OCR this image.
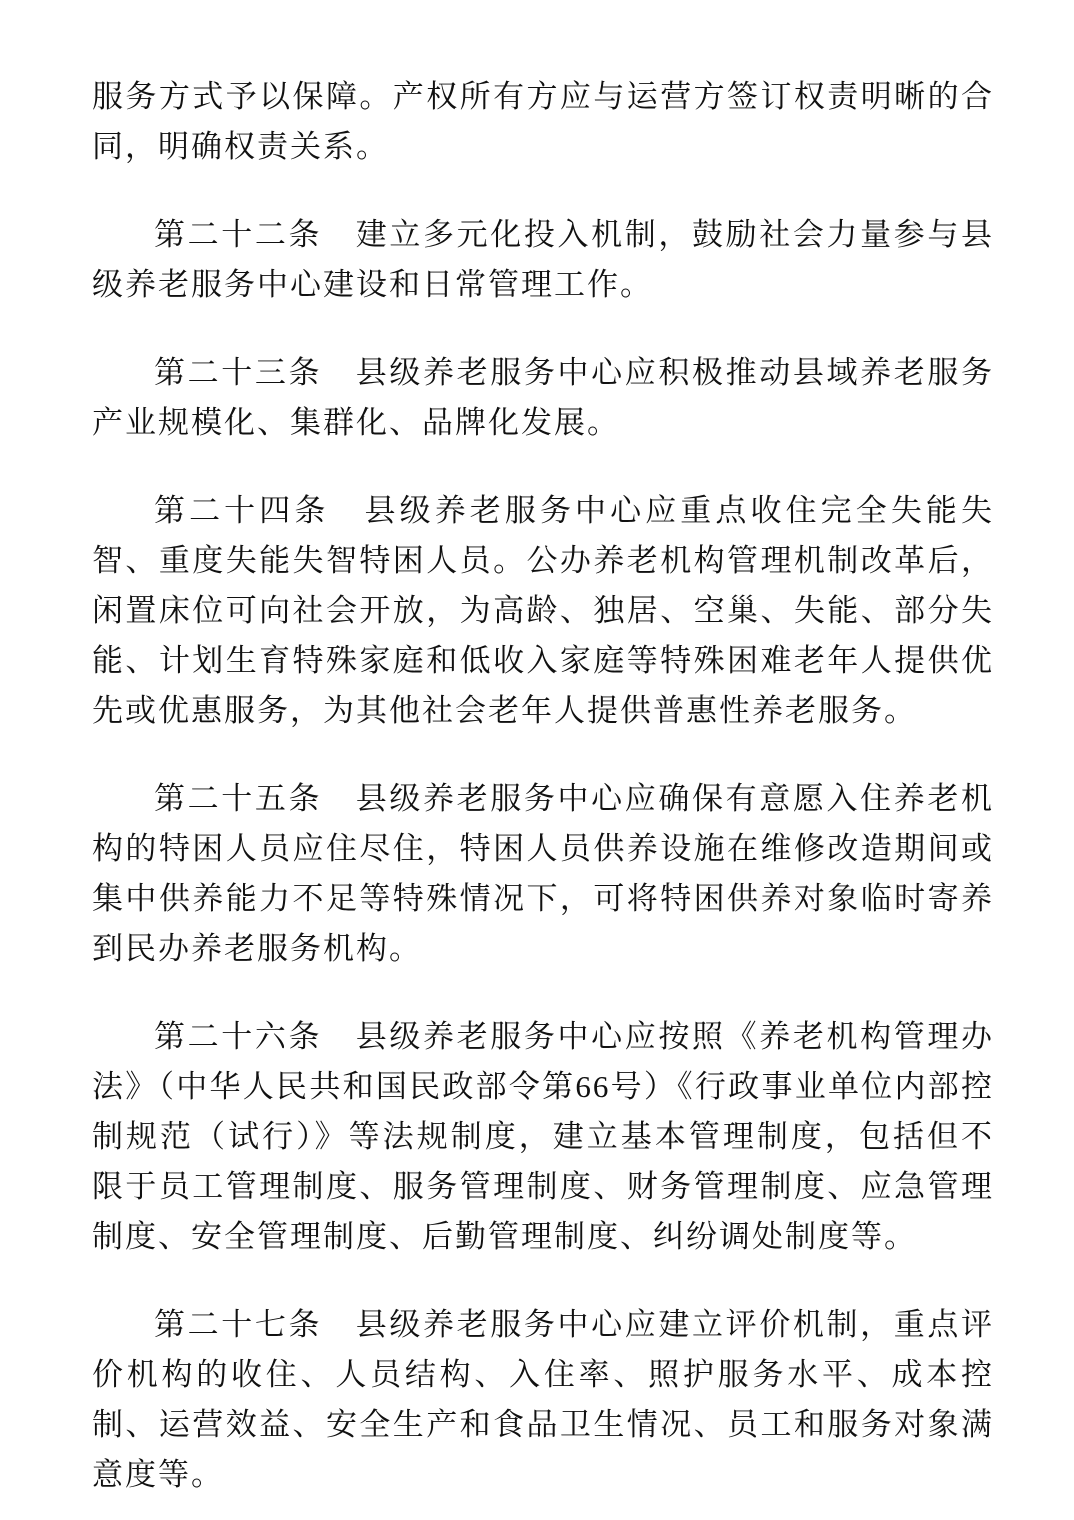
服务方式予以保障。产权所有方应与运营方签订权责明晰的合同，明确权责关系。

第二十二条　建立多元化投入机制，鼓励社会力量参与县级养老服务中心建设和日常管理工作。

第二十三条　县级养老服务中心应积极推动县域养老服务产业规模化、集群化、品牌化发展。

第二十四条　县级养老服务中心应重点收住完全失能失智、重度失能失智特困人员。公办养老机构管理机制改革后，闲置床位可向社会开放，为高龄、独居、空巢、失能、部分失能、计划生育特殊家庭和低收入家庭等特殊困难老年人提供优先或优惠服务，为其他社会老年人提供普惠性养老服务。

第二十五条　县级养老服务中心应确保有意愿入住养老机构的特困人员应住尽住，特困人员供养设施在维修改造期间或集中供养能力不足等特殊情况下，可将特困供养对象临时寄养到民办养老服务机构。

第二十六条　县级养老服务中心应按照《养老机构管理办法》（中华人民共和国民政部令第66号）《行政事业单位内部控制规范（试行）》等法规制度，建立基本管理制度，包括但不限于员工管理制度、服务管理制度、财务管理制度、应急管理制度、安全管理制度、后勤管理制度、纠纷调处制度等。

第二十七条　县级养老服务中心应建立评价机制，重点评价机构的收住、人员结构、入住率、照护服务水平、成本控制、运营效益、安全生产和食品卫生情况、员工和服务对象满意度等。
